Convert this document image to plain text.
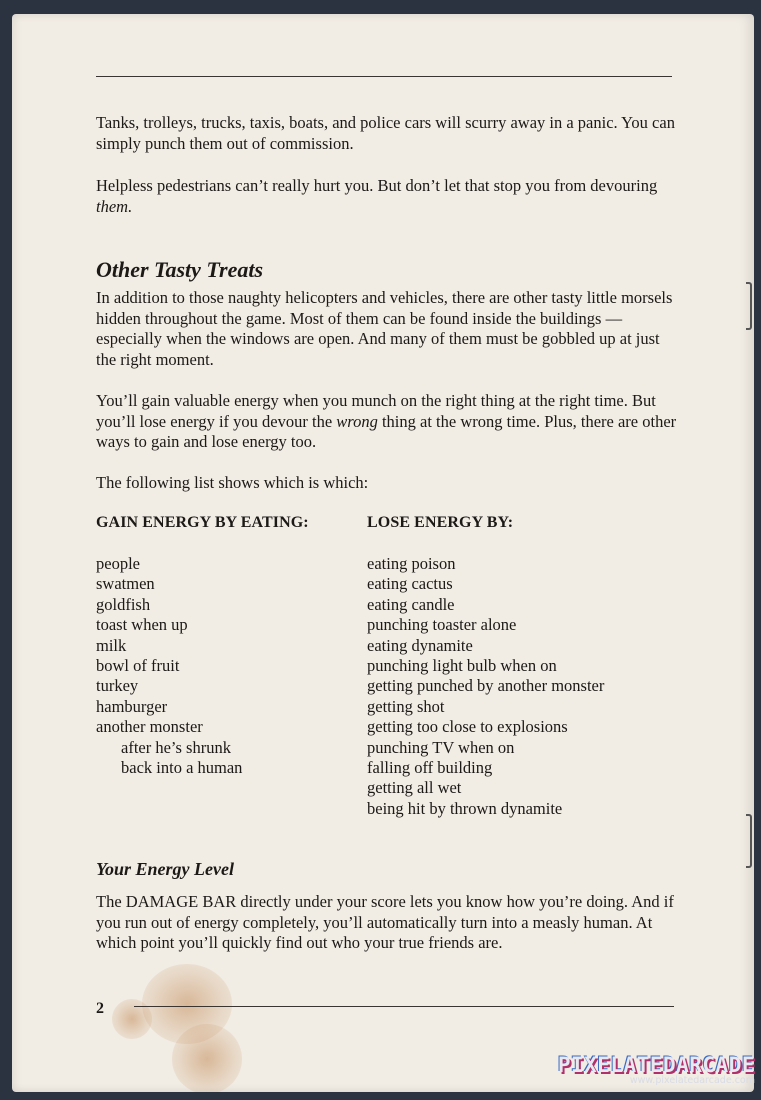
Tanks, trolleys, trucks, taxis, boats, and police cars will scurry away in a panic. You can simply punch them out of commission.

Helpless pedestrians can’t really hurt you. But don’t let that stop you from devouring them.

Other Tasty Treats

In addition to those naughty helicopters and vehicles, there are other tasty little morsels hidden throughout the game. Most of them can be found inside the buildings — especially when the windows are open. And many of them must be gobbled up at just the right moment.

You’ll gain valuable energy when you munch on the right thing at the right time. But you’ll lose energy if you devour the wrong thing at the wrong time. Plus, there are other ways to gain and lose energy too.

The following list shows which is which:

GAIN ENERGY BY EATING:	LOSE ENERGY BY:
people
swatmen
goldfish
toast when up
milk
bowl of fruit
turkey
hamburger
another monster
after he’s shrunk
back into a human
eating poison
eating cactus
eating candle
punching toaster alone
eating dynamite
punching light bulb when on
getting punched by another monster
getting shot
getting too close to explosions
punching TV when on
falling off building
getting all wet
being hit by thrown dynamite
Your Energy Level

The DAMAGE BAR directly under your score lets you know how you’re doing. And if you run out of energy completely, you’ll automatically turn into a measly human. At which point you’ll quickly find out who your true friends are.

2
PIXELATEDARCADE
www.pixelatedarcade.com
